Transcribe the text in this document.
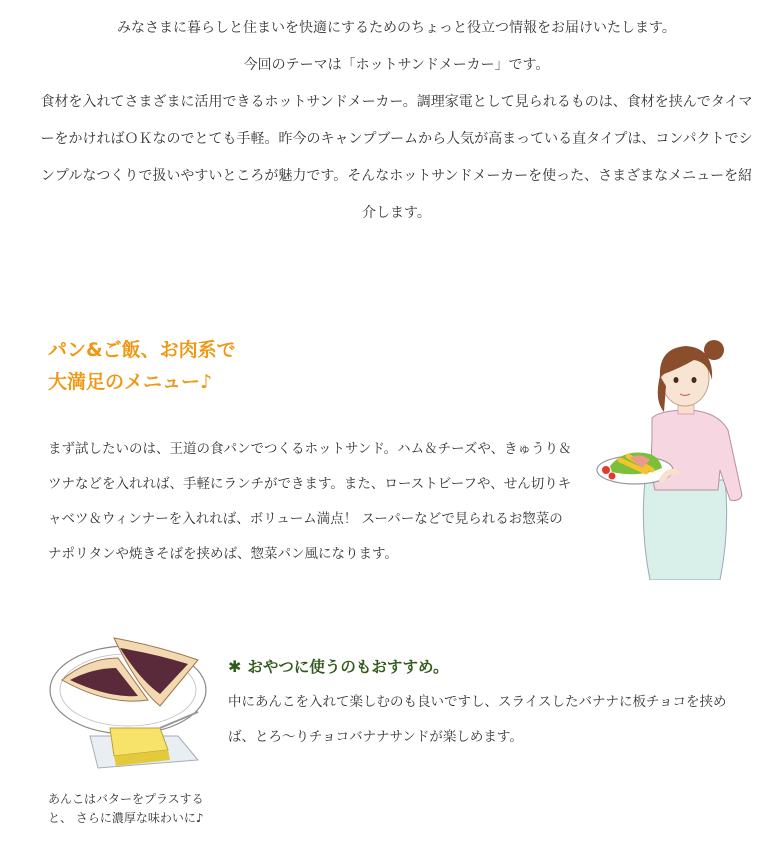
みなさまに暮らしと住まいを快適にするためのちょっと役立つ情報をお届けいたします。

今回のテーマは「ホットサンドメーカー」です。

食材を入れてさまざまに活用できるホットサンドメーカー。調理家電として見られるものは、食材を挟んでタイマーをかければＯＫなのでとても手軽。昨今のキャンプブームから人気が高まっている直タイプは、コンパクトでシンプルなつくりで扱いやすいところが魅力です。そんなホットサンドメーカーを使った、さまざまなメニューを紹介します。

パン&ご飯、お肉系で
大満足のメニュー♪

まず試したいのは、王道の食パンでつくるホットサンド。ハム＆チーズや、きゅうり＆ツナなどを入れれば、手軽にランチができます。また、ローストビーフや、せん切りキャベツ＆ウィンナーを入れれば、ボリューム満点！ スーパーなどで見られるお惣菜のナポリタンや焼きそばを挟めば、惣菜パン風になります。

あんこはバターをプラスすると、 さらに濃厚な味わいに♪

✱ おやつに使うのもおすすめ。

中にあんこを入れて楽しむのも良いですし、スライスしたバナナに板チョコを挟めば、とろ〜りチョコバナナサンドが楽しめます。
